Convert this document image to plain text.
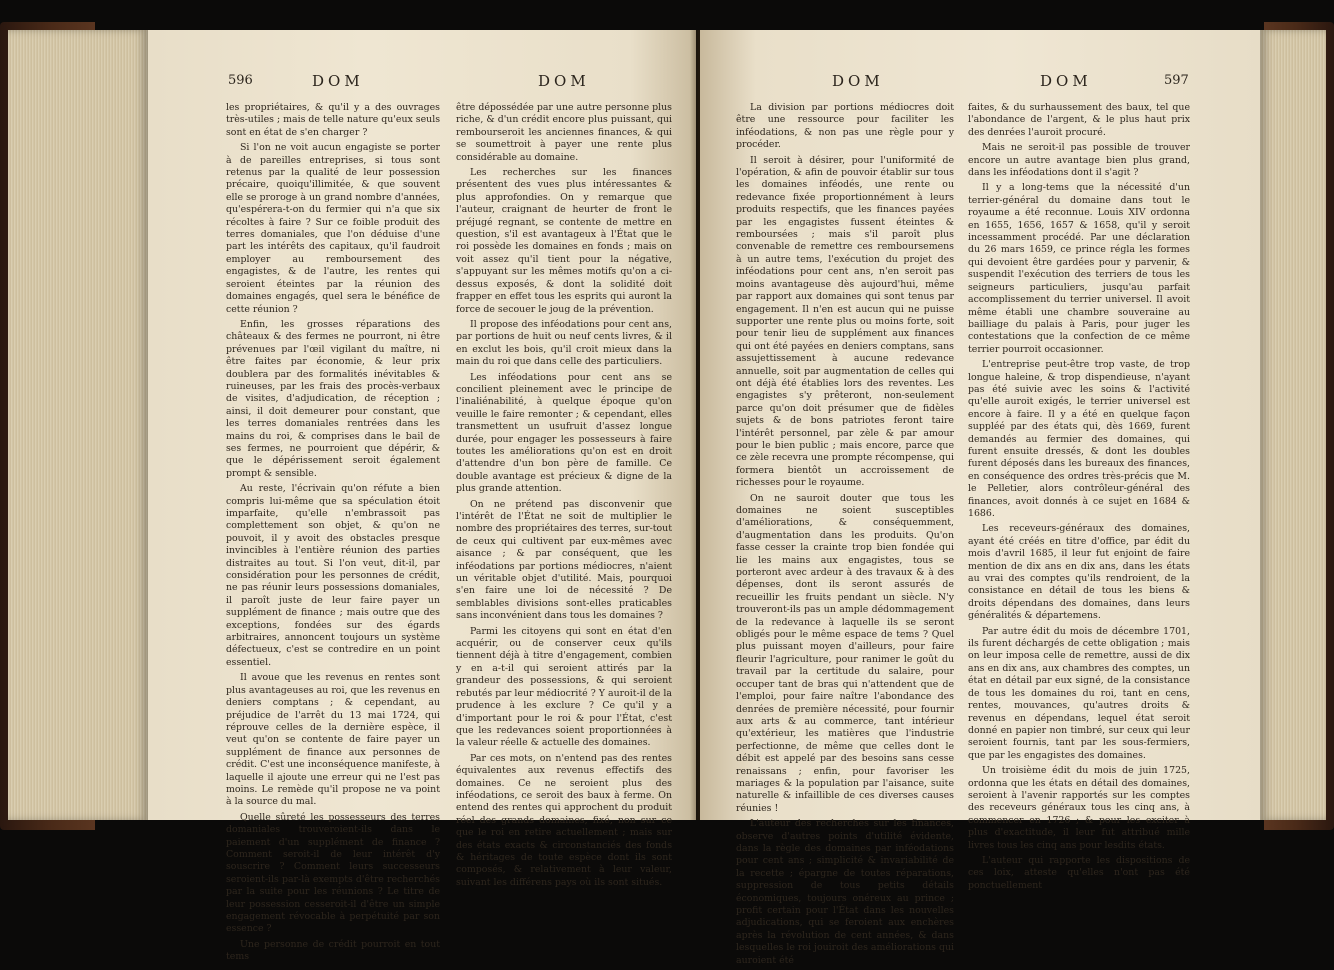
596	DOM	DOM

les propriétaires, & qu'il y a des ouvrages très-utiles ; mais de telle nature qu'eux seuls sont en état de s'en charger ?

Si l'on ne voit aucun engagiste se porter à de pareilles entreprises, si tous sont retenus par la qualité de leur possession précaire, quoiqu'illimitée, & que souvent elle se proroge à un grand nombre d'années, qu'espérera-t-on du fermier qui n'a que six récoltes à faire ? Sur ce foible produit des terres domaniales, que l'on déduise d'une part les intérêts des capitaux, qu'il faudroit employer au remboursement des engagistes, & de l'autre, les rentes qui seroient éteintes par la réunion des domaines engagés, quel sera le bénéfice de cette réunion ?

Enfin, les grosses réparations des châteaux & des fermes ne pourront, ni être prévenues par l'œil vigilant du maître, ni être faites par économie, & leur prix doublera par des formalités inévitables & ruineuses, par les frais des procès-verbaux de visites, d'adjudication, de réception ; ainsi, il doit demeurer pour constant, que les terres domaniales rentrées dans les mains du roi, & comprises dans le bail de ses fermes, ne pourroient que dépérir, & que le dépérissement seroit également prompt & sensible.

Au reste, l'écrivain qu'on réfute a bien compris lui-même que sa spéculation étoit imparfaite, qu'elle n'embrassoit pas complettement son objet, & qu'on ne pouvoit, il y avoit des obstacles presque invincibles à l'entière réunion des parties distraites au tout. Si l'on veut, dit-il, par considération pour les personnes de crédit, ne pas réunir leurs possessions domaniales, il paroît juste de leur faire payer un supplément de finance ; mais outre que des exceptions, fondées sur des égards arbitraires, annoncent toujours un système défectueux, c'est se contredire en un point essentiel.

Il avoue que les revenus en rentes sont plus avantageuses au roi, que les revenus en deniers comptans ; & cependant, au préjudice de l'arrêt du 13 mai 1724, qui réprouve celles de la dernière espèce, il veut qu'on se contente de faire payer un supplément de finance aux personnes de crédit. C'est une inconséquence manifeste, à laquelle il ajoute une erreur qui ne l'est pas moins. Le remède qu'il propose ne va point à la source du mal.

Quelle sûreté les possesseurs des terres domaniales trouveroient-ils dans le paiement d'un supplément de finance ? Comment seroit-il de leur intérêt d'y souscrire ? Comment leurs successeurs seroient-ils par-là exempts d'être recherchés par la suite pour les réunions ? Le titre de leur possession cesseroit-il d'être un simple engagement révocable à perpétuité par son essence ?

Une personne de crédit pourroit en tout tems

être dépossédée par une autre personne plus riche, & d'un crédit encore plus puissant, qui rembourseroit les anciennes finances, & qui se soumettroit à payer une rente plus considérable au domaine.

Les recherches sur les finances présentent des vues plus intéressantes & plus approfondies. On y remarque que l'auteur, craignant de heurter de front le préjugé regnant, se contente de mettre en question, s'il est avantageux à l'État que le roi possède les domaines en fonds ; mais on voit assez qu'il tient pour la négative, s'appuyant sur les mêmes motifs qu'on a ci-dessus exposés, & dont la solidité doit frapper en effet tous les esprits qui auront la force de secouer le joug de la prévention.

Il propose des inféodations pour cent ans, par portions de huit ou neuf cents livres, & il en exclut les bois, qu'il croit mieux dans la main du roi que dans celle des particuliers.

Les inféodations pour cent ans se concilient pleinement avec le principe de l'inaliénabilité, à quelque époque qu'on veuille le faire remonter ; & cependant, elles transmettent un usufruit d'assez longue durée, pour engager les possesseurs à faire toutes les améliorations qu'on est en droit d'attendre d'un bon père de famille. Ce double avantage est précieux & digne de la plus grande attention.

On ne prétend pas disconvenir que l'intérêt de l'État ne soit de multiplier le nombre des propriétaires des terres, sur-tout de ceux qui cultivent par eux-mêmes avec aisance ; & par conséquent, que les inféodations par portions médiocres, n'aient un véritable objet d'utilité. Mais, pourquoi s'en faire une loi de nécessité ? De semblables divisions sont-elles praticables sans inconvénient dans tous les domaines ?

Parmi les citoyens qui sont en état d'en acquérir, ou de conserver ceux qu'ils tiennent déjà à titre d'engagement, combien y en a-t-il qui seroient attirés par la grandeur des possessions, & qui seroient rebutés par leur médiocrité ? Y auroit-il de la prudence à les exclure ? Ce qu'il y a d'important pour le roi & pour l'État, c'est que les redevances soient proportionnées à la valeur réelle & actuelle des domaines.

Par ces mots, on n'entend pas des rentes équivalentes aux revenus effectifs des domaines. Ce ne seroient plus des inféodations, ce seroit des baux à ferme. On entend des rentes qui approchent du produit réel des grands domaines, fixé, non sur ce que le roi en retire actuellement ; mais sur des états exacts & circonstanciés des fonds & héritages de toute espèce dont ils sont composés, & relativement à leur valeur, suivant les différens pays où ils sont situés.

DOM	DOM	597

La division par portions médiocres doit être une ressource pour faciliter les inféodations, & non pas une règle pour y procéder.

Il seroit à désirer, pour l'uniformité de l'opération, & afin de pouvoir établir sur tous les domaines inféodés, une rente ou redevance fixée proportionnément à leurs produits respectifs, que les finances payées par les engagistes fussent éteintes & remboursées ; mais s'il paroît plus convenable de remettre ces remboursemens à un autre tems, l'exécution du projet des inféodations pour cent ans, n'en seroit pas moins avantageuse dès aujourd'hui, même par rapport aux domaines qui sont tenus par engagement. Il n'en est aucun qui ne puisse supporter une rente plus ou moins forte, soit pour tenir lieu de supplément aux finances qui ont été payées en deniers comptans, sans assujettissement à aucune redevance annuelle, soit par augmentation de celles qui ont déjà été établies lors des reventes. Les engagistes s'y prêteront, non-seulement parce qu'on doit présumer que de fidèles sujets & de bons patriotes feront taire l'intérêt personnel, par zèle & par amour pour le bien public ; mais encore, parce que ce zèle recevra une prompte récompense, qui formera bientôt un accroissement de richesses pour le royaume.

On ne sauroit douter que tous les domaines ne soient susceptibles d'améliorations, & conséquemment, d'augmentation dans les produits. Qu'on fasse cesser la crainte trop bien fondée qui lie les mains aux engagistes, tous se porteront avec ardeur à des travaux & à des dépenses, dont ils seront assurés de recueillir les fruits pendant un siècle. N'y trouveront-ils pas un ample dédommagement de la redevance à laquelle ils se seront obligés pour le même espace de tems ? Quel plus puissant moyen d'ailleurs, pour faire fleurir l'agriculture, pour ranimer le goût du travail par la certitude du salaire, pour occuper tant de bras qui n'attendent que de l'emploi, pour faire naître l'abondance des denrées de première nécessité, pour fournir aux arts & au commerce, tant intérieur qu'extérieur, les matières que l'industrie perfectionne, de même que celles dont le débit est appelé par des besoins sans cesse renaissans ; enfin, pour favoriser les mariages & la population par l'aisance, suite naturelle & infaillible de ces diverses causes réunies !

L'auteur des recherches sur les finances, observe d'autres points d'utilité évidente, dans la règle des domaines par inféodations pour cent ans ; simplicité & invariabilité de la recette ; épargne de toutes réparations, suppression de tous petits détails économiques, toujours onéreux au prince ; profit certain pour l'État dans les nouvelles adjudications, qui se feroient aux enchères après la révolution de cent années, & dans lesquelles le roi jouiroit des améliorations qui auroient été

faites, & du surhaussement des baux, tel que l'abondance de l'argent, & le plus haut prix des denrées l'auroit procuré.

Mais ne seroit-il pas possible de trouver encore un autre avantage bien plus grand, dans les inféodations dont il s'agit ?

Il y a long-tems que la nécessité d'un terrier-général du domaine dans tout le royaume a été reconnue. Louis XIV ordonna en 1655, 1656, 1657 & 1658, qu'il y seroit incessamment procédé. Par une déclaration du 26 mars 1659, ce prince régla les formes qui devoient être gardées pour y parvenir, & suspendit l'exécution des terriers de tous les seigneurs particuliers, jusqu'au parfait accomplissement du terrier universel. Il avoit même établi une chambre souveraine au bailliage du palais à Paris, pour juger les contestations que la confection de ce même terrier pourroit occasionner.

L'entreprise peut-être trop vaste, de trop longue haleine, & trop dispendieuse, n'ayant pas été suivie avec les soins & l'activité qu'elle auroit exigés, le terrier universel est encore à faire. Il y a été en quelque façon suppléé par des états qui, dès 1669, furent demandés au fermier des domaines, qui furent ensuite dressés, & dont les doubles furent déposés dans les bureaux des finances, en conséquence des ordres très-précis que M. le Pelletier, alors contrôleur-général des finances, avoit donnés à ce sujet en 1684 & 1686.

Les receveurs-généraux des domaines, ayant été créés en titre d'office, par édit du mois d'avril 1685, il leur fut enjoint de faire mention de dix ans en dix ans, dans les états au vrai des comptes qu'ils rendroient, de la consistance en détail de tous les biens & droits dépendans des domaines, dans leurs généralités & départemens.

Par autre édit du mois de décembre 1701, ils furent déchargés de cette obligation ; mais on leur imposa celle de remettre, aussi de dix ans en dix ans, aux chambres des comptes, un état en détail par eux signé, de la consistance de tous les domaines du roi, tant en cens, rentes, mouvances, qu'autres droits & revenus en dépendans, lequel état seroit donné en papier non timbré, sur ceux qui leur seroient fournis, tant par les sous-fermiers, que par les engagistes des domaines.

Un troisième édit du mois de juin 1725, ordonna que les états en détail des domaines, seroient à l'avenir rapportés sur les comptes des receveurs généraux tous les cinq ans, à commencer en 1726 ; & pour les exciter à plus d'exactitude, il leur fut attribué mille livres tous les cinq ans pour lesdits états.

L'auteur qui rapporte les dispositions de ces loix, atteste qu'elles n'ont pas été ponctuellement
